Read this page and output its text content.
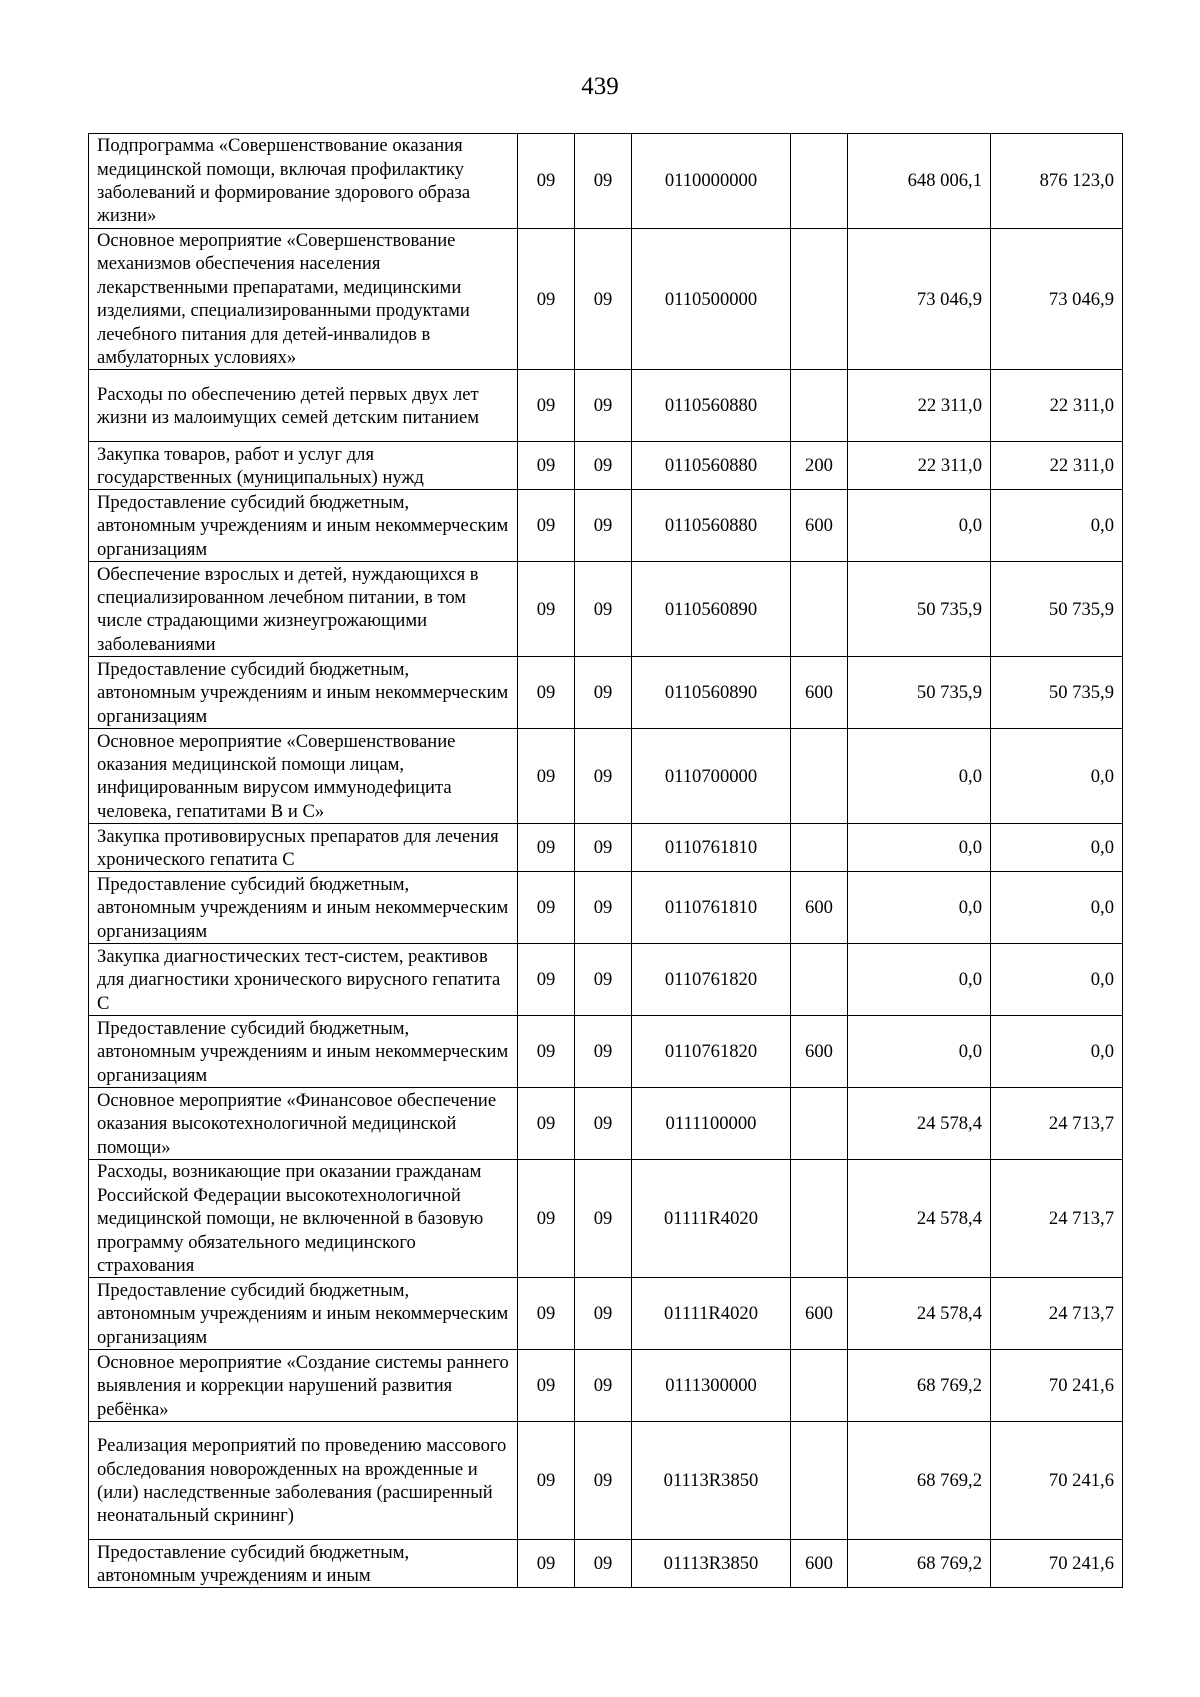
439
Подпрограмма «Совершенствование оказания медицинской помощи, включая профилактику заболеваний и формирование здорового образа жизни»	09	09	0110000000		648 006,1	876 123,0
Основное мероприятие «Совершенствование механизмов обеспечения населения лекарственными препаратами, медицинскими изделиями, специализированными продуктами лечебного питания для детей-инвалидов в амбулаторных условиях»	09	09	0110500000		73 046,9	73 046,9
Расходы по обеспечению детей первых двух лет жизни из малоимущих семей детским питанием	09	09	0110560880		22 311,0	22 311,0
Закупка товаров, работ и услуг для государственных (муниципальных) нужд	09	09	0110560880	200	22 311,0	22 311,0
Предоставление субсидий бюджетным, автономным учреждениям и иным некоммерческим организациям	09	09	0110560880	600	0,0	0,0
Обеспечение взрослых и детей, нуждающихся в специализированном лечебном питании, в том числе страдающими жизнеугрожающими заболеваниями	09	09	0110560890		50 735,9	50 735,9
Предоставление субсидий бюджетным, автономным учреждениям и иным некоммерческим организациям	09	09	0110560890	600	50 735,9	50 735,9
Основное мероприятие «Совершенствование оказания медицинской помощи лицам, инфицированным вирусом иммунодефицита человека, гепатитами В и С»	09	09	0110700000		0,0	0,0
Закупка противовирусных препаратов для лечения хронического гепатита С	09	09	0110761810		0,0	0,0
Предоставление субсидий бюджетным, автономным учреждениям и иным некоммерческим организациям	09	09	0110761810	600	0,0	0,0
Закупка диагностических тест-систем, реактивов для диагностики хронического вирусного гепатита С	09	09	0110761820		0,0	0,0
Предоставление субсидий бюджетным, автономным учреждениям и иным некоммерческим организациям	09	09	0110761820	600	0,0	0,0
Основное мероприятие «Финансовое обеспечение оказания высокотехнологичной медицинской помощи»	09	09	0111100000		24 578,4	24 713,7
Расходы, возникающие при оказании гражданам Российской Федерации высокотехнологичной медицинской помощи, не включенной в базовую программу обязательного медицинского страхования	09	09	01111R4020		24 578,4	24 713,7
Предоставление субсидий бюджетным, автономным учреждениям и иным некоммерческим организациям	09	09	01111R4020	600	24 578,4	24 713,7
Основное мероприятие «Создание системы раннего выявления и коррекции нарушений развития ребёнка»	09	09	0111300000		68 769,2	70 241,6
Реализация мероприятий по проведению массового обследования новорожденных на врожденные и (или) наследственные заболевания (расширенный неонатальный скрининг)	09	09	01113R3850		68 769,2	70 241,6
Предоставление субсидий бюджетным, автономным учреждениям и иным	09	09	01113R3850	600	68 769,2	70 241,6
